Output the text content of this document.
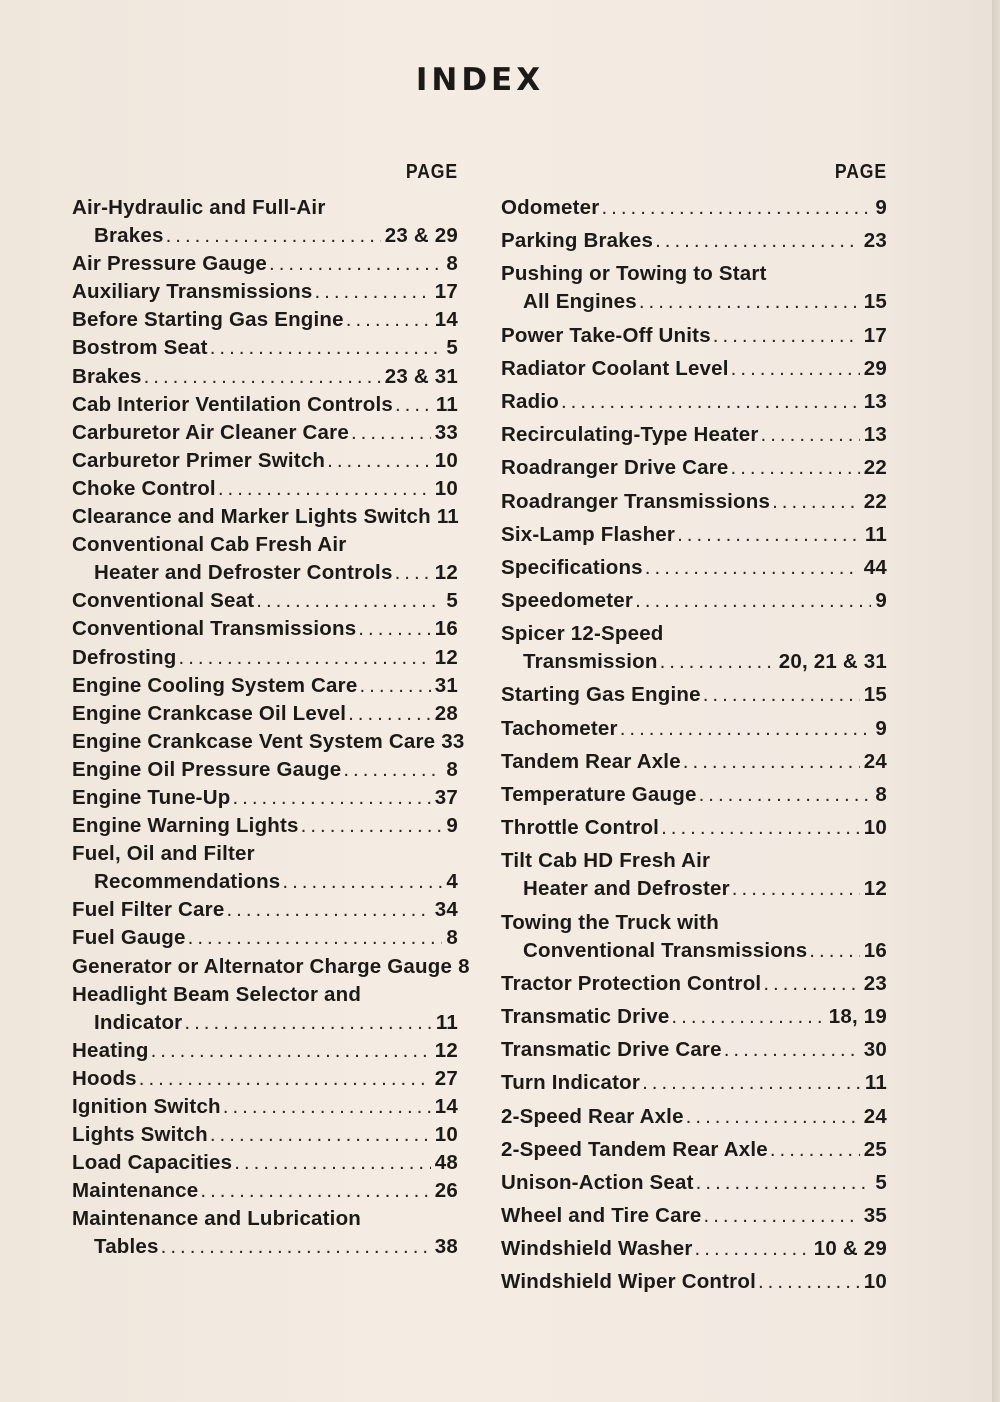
INDEX
PAGE
Air-Hydraulic and Full-Air
Brakes .....	23 & 29
Air Pressure Gauge .....	8
Auxiliary Transmissions .....	17
Before Starting Gas Engine .....	14
Bostrom Seat .....	5
Brakes .....	23 & 31
Cab Interior Ventilation Controls ..... 11
Carburetor Air Cleaner Care .....	33
Carburetor Primer Switch .....	10
Choke Control .....	10
Clearance and Marker Lights Switch 11
Conventional Cab Fresh Air
Heater and Defroster Controls ..... 12
Conventional Seat .....	5
Conventional Transmissions .....	16
Defrosting .....	12
Engine Cooling System Care .....	31
Engine Crankcase Oil Level .....	28
Engine Crankcase Vent System Care 33
Engine Oil Pressure Gauge .....	8
Engine Tune-Up .....	37
Engine Warning Lights .....	9
Fuel, Oil and Filter
Recommendations .....	4
Fuel Filter Care .....	34
Fuel Gauge .....	8
Generator or Alternator Charge Gauge 8
Headlight Beam Selector and
Indicator .....	11
Heating .....	12
Hoods .....	27
Ignition Switch .....	14
Lights Switch .....	10
Load Capacities .....	48
Maintenance .....	26
Maintenance and Lubrication
Tables .....	38
PAGE
Odometer .....	9
Parking Brakes .....	23
Pushing or Towing to Start
All Engines .....	15
Power Take-Off Units .....	17
Radiator Coolant Level .....	29
Radio .....	13
Recirculating-Type Heater .....	13
Roadranger Drive Care .....	22
Roadranger Transmissions .....	22
Six-Lamp Flasher .....	11
Specifications .....	44
Speedometer .....	9
Spicer 12-Speed
Transmission .....	20, 21 & 31
Starting Gas Engine .....	15
Tachometer .....	9
Tandem Rear Axle .....	24
Temperature Gauge .....	8
Throttle Control .....	10
Tilt Cab HD Fresh Air
Heater and Defroster .....	12
Towing the Truck with
Conventional Transmissions .....	16
Tractor Protection Control .....	23
Transmatic Drive .....	18, 19
Transmatic Drive Care .....	30
Turn Indicator .....	11
2-Speed Rear Axle .....	24
2-Speed Tandem Rear Axle .....	25
Unison-Action Seat .....	5
Wheel and Tire Care .....	35
Windshield Washer .....	10 & 29
Windshield Wiper Control .....	10
